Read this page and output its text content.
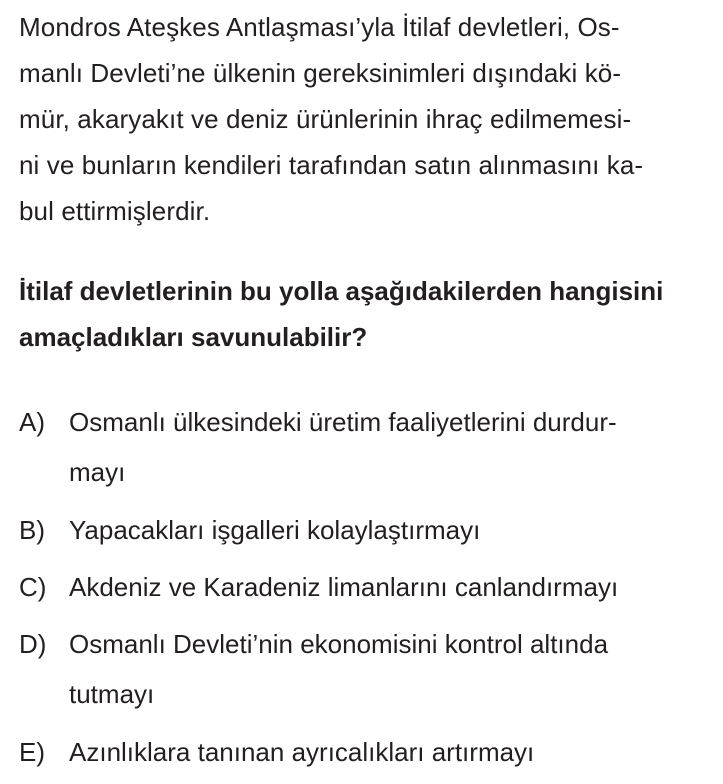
Mondros Ateşkes Antlaşması’yla İtilaf devletleri, Os-
manlı Devleti’ne ülkenin gereksinimleri dışındaki kö-
mür, akaryakıt ve deniz ürünlerinin ihraç edilmemesi-
ni ve bunların kendileri tarafından satın alınmasını ka-
bul ettirmişlerdir.
İtilaf devletlerinin bu yolla aşağıdakilerden hangisini
amaçladıkları savunulabilir?
A) Osmanlı ülkesindeki üretim faaliyetlerini durdur-
mayı
B) Yapacakları işgalleri kolaylaştırmayı
C) Akdeniz ve Karadeniz limanlarını canlandırmayı
D) Osmanlı Devleti’nin ekonomisini kontrol altında
tutmayı
E) Azınlıklara tanınan ayrıcalıkları artırmayı
